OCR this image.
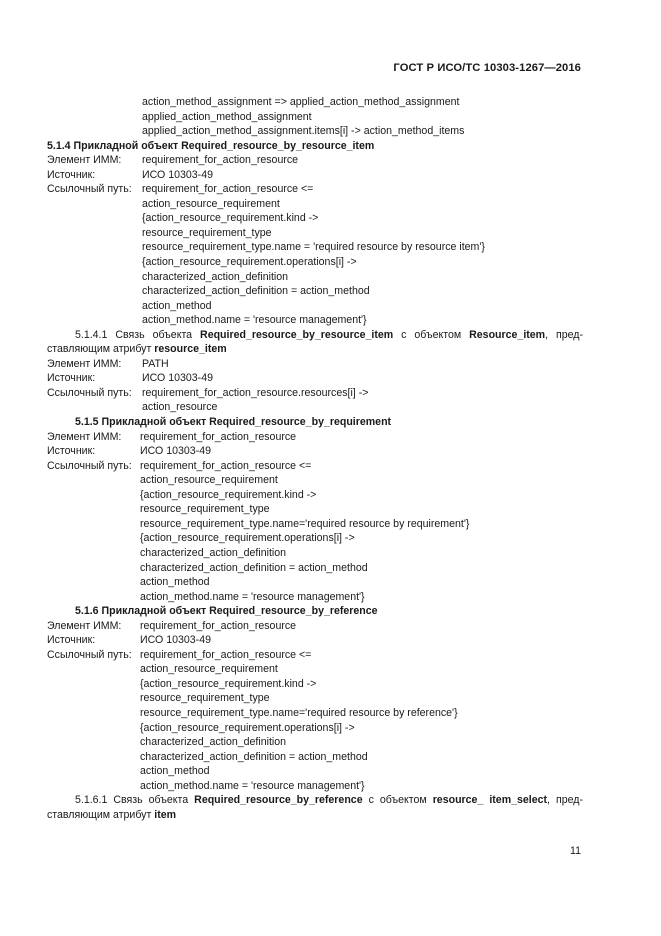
ГОСТ Р ИСО/ТС 10303-1267—2016
action_method_assignment => applied_action_method_assignment
applied_action_method_assignment
applied_action_method_assignment.items[i] -> action_method_items
5.1.4 Прикладной объект Required_resource_by_resource_item
Элемент ИММ: requirement_for_action_resource
Источник:	ИСО 10303-49
Ссылочный путь: requirement_for_action_resource <=
action_resource_requirement
{action_resource_requirement.kind ->
resource_requirement_type
resource_requirement_type.name = 'required resource by resource item'}
{action_resource_requirement.operations[i] ->
characterized_action_definition
characterized_action_definition = action_method
action_method
action_method.name = 'resource management'}
5.1.4.1 Связь объекта Required_resource_by_resource_item с объектом Resource_item, пред-
ставляющим атрибут resource_item
Элемент ИММ: PATH
Источник:	ИСО 10303-49
Ссылочный путь: requirement_for_action_resource.resources[i] ->
action_resource
5.1.5 Прикладной объект Required_resource_by_requirement
Элемент ИММ: requirement_for_action_resource
Источник:	ИСО 10303-49
Ссылочный путь: requirement_for_action_resource <=
action_resource_requirement
{action_resource_requirement.kind ->
resource_requirement_type
resource_requirement_type.name='required resource by requirement'}
{action_resource_requirement.operations[i] ->
characterized_action_definition
characterized_action_definition = action_method
action_method
action_method.name = 'resource management'}
5.1.6 Прикладной объект Required_resource_by_reference
Элемент ИММ: requirement_for_action_resource
Источник:	ИСО 10303-49
Ссылочный путь: requirement_for_action_resource <=
action_resource_requirement
{action_resource_requirement.kind ->
resource_requirement_type
resource_requirement_type.name='required resource by reference'}
{action_resource_requirement.operations[i] ->
characterized_action_definition
characterized_action_definition = action_method
action_method
action_method.name = 'resource management'}
5.1.6.1 Связь объекта Required_resource_by_reference с объектом resource_ item_select, пред-
ставляющим атрибут item
11
